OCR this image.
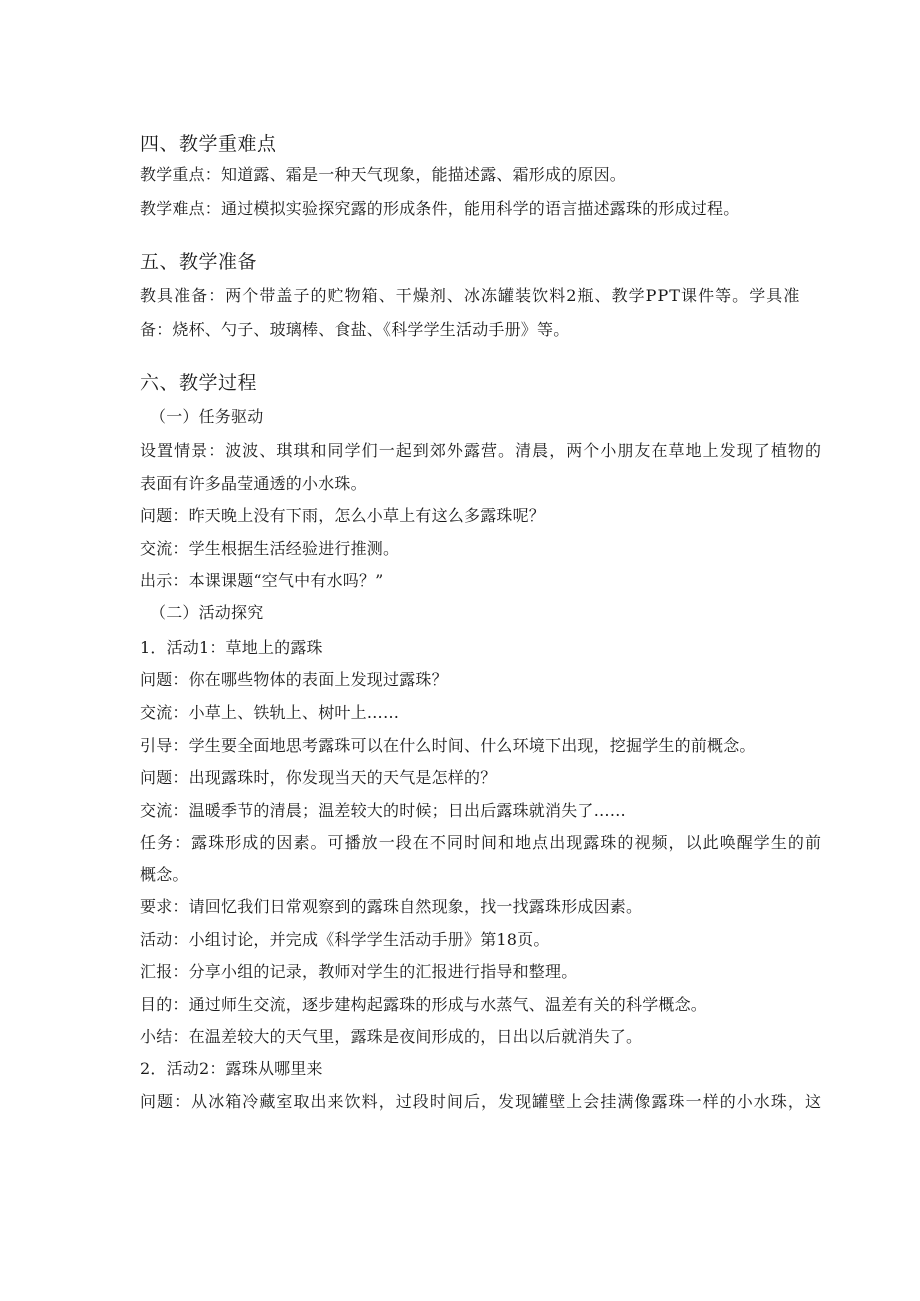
四、教学重难点

教学重点：知道露、霜是一种天气现象，能描述露、霜形成的原因。

教学难点：通过模拟实验探究露的形成条件，能用科学的语言描述露珠的形成过程。

五、教学准备

教具准备：两个带盖子的贮物箱、干燥剂、冰冻罐装饮料2瓶、教学PPT课件等。学具准

备：烧杯、勺子、玻璃棒、食盐、《科学学生活动手册》等。

六、教学过程

（一）任务驱动

设置情景：波波、琪琪和同学们一起到郊外露营。清晨，两个小朋友在草地上发现了植物的

表面有许多晶莹通透的小水珠。

问题：昨天晚上没有下雨，怎么小草上有这么多露珠呢？

交流：学生根据生活经验进行推测。

出示：本课课题“空气中有水吗？”

（二）活动探究

1．活动1：草地上的露珠

问题：你在哪些物体的表面上发现过露珠？

交流：小草上、铁轨上、树叶上……

引导：学生要全面地思考露珠可以在什么时间、什么环境下出现，挖掘学生的前概念。

问题：出现露珠时，你发现当天的天气是怎样的？

交流：温暖季节的清晨；温差较大的时候；日出后露珠就消失了……

任务：露珠形成的因素。可播放一段在不同时间和地点出现露珠的视频，以此唤醒学生的前

概念。

要求：请回忆我们日常观察到的露珠自然现象，找一找露珠形成因素。

活动：小组讨论，并完成《科学学生活动手册》第18页。

汇报：分享小组的记录，教师对学生的汇报进行指导和整理。

目的：通过师生交流，逐步建构起露珠的形成与水蒸气、温差有关的科学概念。

小结：在温差较大的天气里，露珠是夜间形成的，日出以后就消失了。

2．活动2：露珠从哪里来

问题：从冰箱冷藏室取出来饮料，过段时间后，发现罐壁上会挂满像露珠一样的小水珠，这
